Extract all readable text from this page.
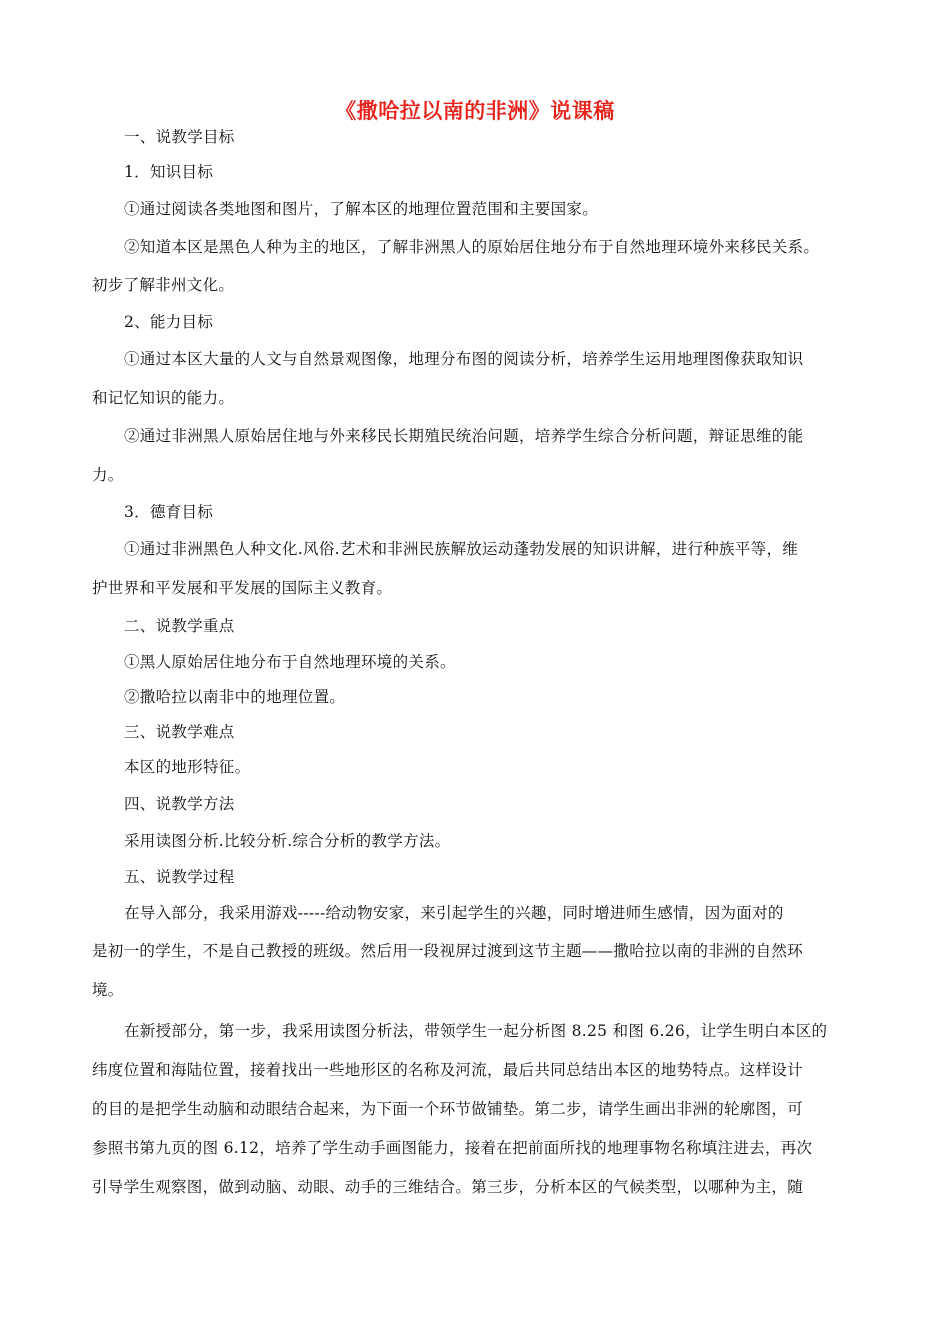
《撒哈拉以南的非洲》说课稿
一、说教学目标
1．知识目标
①通过阅读各类地图和图片，了解本区的地理位置范围和主要国家。
②知道本区是黑色人种为主的地区，了解非洲黑人的原始居住地分布于自然地理环境外来移民关系。
初步了解非州文化。
2、能力目标
①通过本区大量的人文与自然景观图像，地理分布图的阅读分析，培养学生运用地理图像获取知识
和记忆知识的能力。
②通过非洲黑人原始居住地与外来移民长期殖民统治问题，培养学生综合分析问题，辩证思维的能
力。
3．德育目标
①通过非洲黑色人种文化.风俗.艺术和非洲民族解放运动蓬勃发展的知识讲解，进行种族平等，维
护世界和平发展和平发展的国际主义教育。
二、说教学重点
①黑人原始居住地分布于自然地理环境的关系。
②撒哈拉以南非中的地理位置。
三、说教学难点
本区的地形特征。
四、说教学方法
采用读图分析.比较分析.综合分析的教学方法。
五、说教学过程
在导入部分，我采用游戏-----给动物安家，来引起学生的兴趣，同时增进师生感情，因为面对的
是初一的学生，不是自己教授的班级。然后用一段视屏过渡到这节主题——撒哈拉以南的非洲的自然环
境。
在新授部分，第一步，我采用读图分析法，带领学生一起分析图 8.25 和图 6.26，让学生明白本区的
纬度位置和海陆位置，接着找出一些地形区的名称及河流，最后共同总结出本区的地势特点。这样设计
的目的是把学生动脑和动眼结合起来，为下面一个环节做铺垫。第二步，请学生画出非洲的轮廓图，可
参照书第九页的图 6.12，培养了学生动手画图能力，接着在把前面所找的地理事物名称填注进去，再次
引导学生观察图，做到动脑、动眼、动手的三维结合。第三步，分析本区的气候类型，以哪种为主，随
